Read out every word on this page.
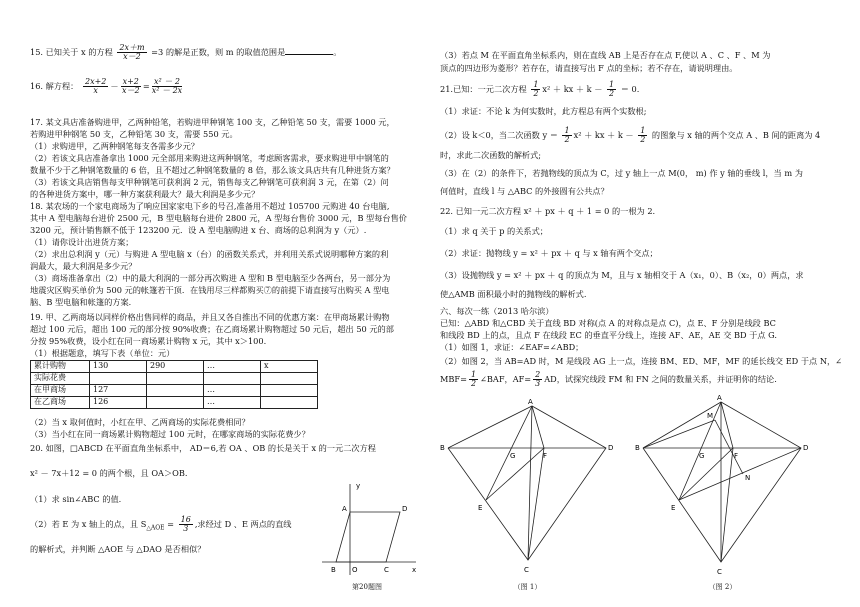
15. 已知关于 x 的方程 $\frac{2x+m}{x-2} =3$ 的解是正数，则 m 的取值范围是	。
16. 解方程： $\frac{2x+2}{x} - \frac{x+2}{x-2} = \frac{\text{x² － 2}}{\text{x² － 2x}}$
17. 某文具店准备购进甲，乙两种铅笔，若购进甲种钢笔 100 支，乙种铅笔 50 支，需要 1000 元，
若购进甲种钢笔 50 支，乙种铅笔 30 支，需要 550 元。
（1）求购进甲，乙两种钢笔每支各需多少元？
（2）若该文具店准备拿出 1000 元全部用来购进这两种钢笔，考虑顾客需求，要求购进甲中钢笔的
数量不少于乙种钢笔数量的 6 倍，且不超过乙种钢笔数量的 8 倍，那么该文具店共有几种进货方案？
（3）若该文具店销售每支甲种钢笔可获利润 2 元，销售每支乙种钢笔可获利润 3 元，在第（2）问
的各种进货方案中，哪一种方案获利最大？最大利润是多少元？
18. 某农场的一个家电商场为了响应国家家电下乡的号召,准备用不超过 105700 元购进 40 台电脑,
其中 A 型电脑每台进价 2500 元，B 型电脑每台进价 2800 元，A 型每台售价 3000 元，B 型每台售价
3200 元，预计销售额不低于 123200 元．设 A 型电脑购进 x 台、商场的总利润为 y（元）.
（1）请你设计出进货方案；
（2）求出总利润 y（元）与购进 A 型电脑 x（台）的函数关系式，并利用关系式说明哪种方案的利
润最大，最大利润是多少元？
（3）商场准备拿出（2）中的最大利润的一部分再次购进 A 型和 B 型电脑至少各两台，另一部分为
地震灾区购买单价为 500 元的帐篷若干顶．在钱用尽三样都购买⑦的前提下请直接写出购买 A 型电
脑、B 型电脑和帐篷的方案．
19. 甲、乙两商场以同样价格出售同样的商品，并且又各自推出不同的优惠方案：在甲商场累计购物
超过 100 元后，超出 100 元的部分按 90%收费；在乙商场累计购物超过 50 元后，超出 50 元的部
分按 95%收费，设小红在同一商场累计购物 x 元，其中 x＞100.
（1）根据题意，填写下表（单位：元）
累计购物	130	290	…	x
实际花费				
在甲商场	127		…	
在乙商场	126		…	
（2）当 x 取何值时，小红在甲、乙两商场的实际花费相同？
（3）当小红在同一商场累计购物超过 100 元时，在哪家商场的实际花费少？
20. 如图，□ABCD 在平面直角坐标系中， AD＝6,若 OA 、OB 的长是关于 x 的一元二次方程
x² － 7x＋12 = 0 的两个根，且 OA＞OB.
（1）求 sin∠ABC 的值.
（2）若 E 为 x 轴上的点，且 $S_{\triangle AOE} = \frac{16}{3}$ ,求经过 D 、E 两点的直线
的解析式，并判断 △AOE 与 △DAO 是否相似？
y
A	D
B O	C	x
第20题图
（3）若点 M 在平面直角坐标系内，则在直线 AB 上是否存在点 F,使以 A 、C 、F 、M 为
顶点的四边形为菱形？若存在，请直接写出 F 点的坐标；若不存在，请说明理由。
21.已知：一元二次方程 $\frac{1}{2} x^2$ ＋ kx ＋ $k - \frac{1}{2} = 0$.
（1）求证：不论 k 为何实数时，此方程总有两个实数根;
（2）设 k＜0，当二次函数 $y = \frac{1}{2} x^2$ ＋ kx ＋ $k - \frac{1}{2}$ 的图象与 x 轴的两个交点 A 、B 间的距离为 4
时，求此二次函数的解析式;
（3）在（2）的条件下，若抛物线的顶点为 C，过 y 轴上一点 M(0， m) 作 y 轴的垂线 l，当 m 为
何值时，直线 l 与 △ABC 的外接圆有公共点？
22. 已知一元二次方程 x² ＋ px ＋ q ＋ 1 = 0 的一根为 2.
（1）求 q 关于 p 的关系式；
（2）求证：抛物线 y = x² ＋ px ＋ q 与 x 轴有两个交点；
（3）设抛物线 y = x² ＋ px ＋ q 的顶点为 M，且与 x 轴相交于 A（x₁，0）、B（x₂，0）两点，求
使△AMB 面积最小时的抛物线的解析式.
六、每次一练（2013 哈尔滨）
已知：△ABD 和△CBD 关于直线 BD 对称(点 A 的对称点是点 C)，点 E、F 分别是线段 BC
和线段 BD 上的点，且点 F 在线段 EC 的垂直平分线上，连接 AF、AE，AE 交 BD 于点 G.
（1）如图 1，求证：∠EAF=∠ABD；
（2）如图 2，当 AB=AD 时，M 是线段 AG 上一点，连接 BM、ED、MF，MF 的延长线交 ED 于点 N，∠
$MBF= \frac{1}{2}$ ∠BAF，$AF= \frac{2}{3}$ AD，试探究线段 FM 和 FN 之间的数量关系，并证明你的结论.
A
B	D
C
E
F
G
（图 1）
A
M
B	D
C
E
F
G
N
（图 2）
